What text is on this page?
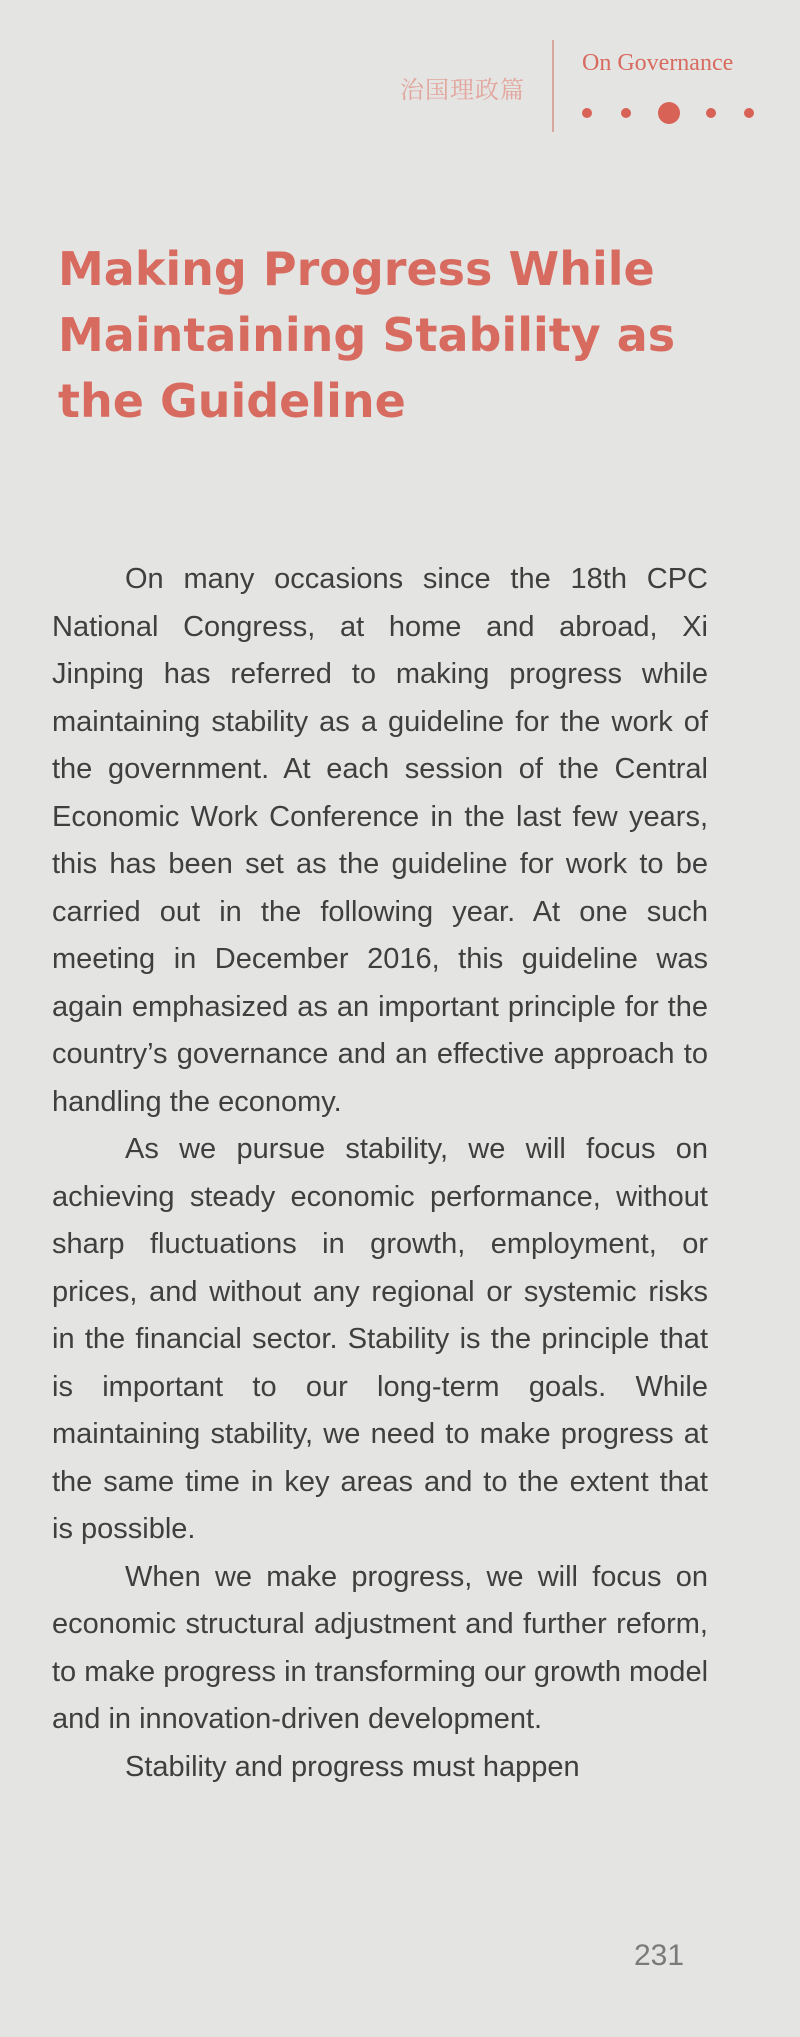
治国理政篇
On Governance
Making Progress While
Maintaining Stability as
the Guideline

On many occasions since the 18th CPC National Congress, at home and abroad, Xi Jinping has referred to making progress while maintaining stability as a guideline for the work of the government. At each session of the Central Economic Work Conference in the last few years, this has been set as the guideline for work to be carried out in the following year. At one such meeting in December 2016, this guideline was again emphasized as an important principle for the country’s governance and an effective approach to handling the economy.

As we pursue stability, we will focus on achieving steady economic performance, without sharp fluctuations in growth, employment, or prices, and without any regional or systemic risks in the financial sector. Stability is the principle that is important to our long-term goals. While maintaining stability, we need to make progress at the same time in key areas and to the extent that is possible.

When we make progress, we will focus on economic structural adjustment and further reform, to make progress in transforming our growth model and in innovation-driven development.

Stability and progress must happen

231
